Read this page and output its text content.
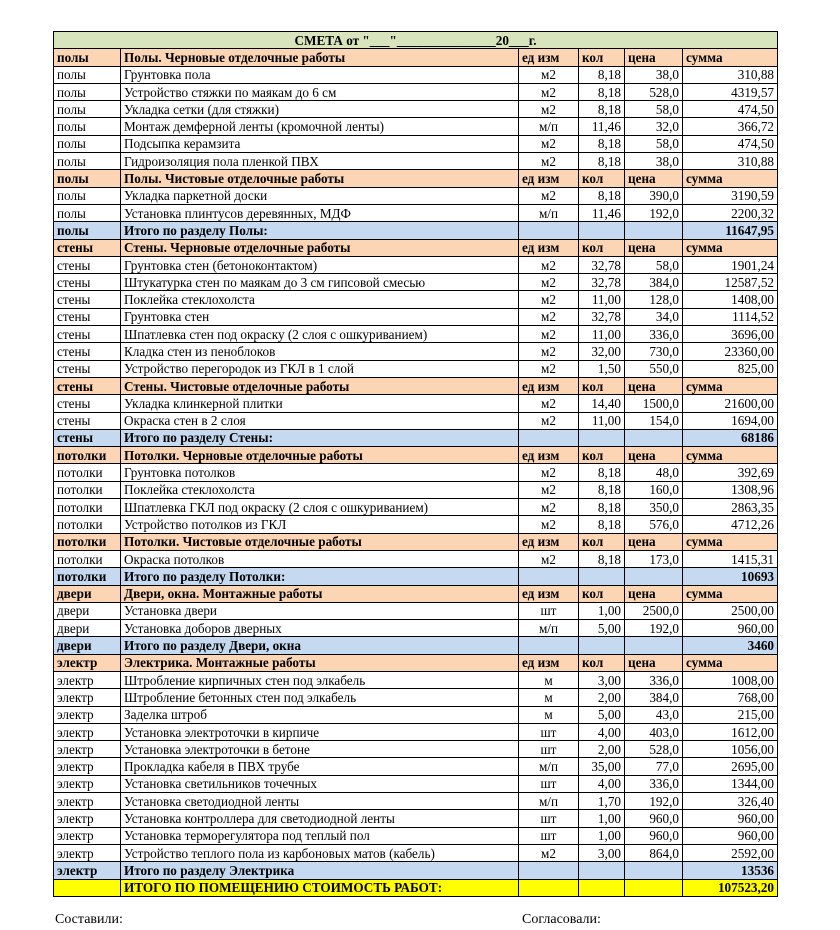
СМЕТА от "___"_______________20___г.					
полы	Полы. Черновые отделочные работы	ед изм	кол	цена	сумма
полы	Грунтовка пола	м2	8,18	38,0	310,88
полы	Устройство стяжки по маякам до 6 см	м2	8,18	528,0	4319,57
полы	Укладка сетки (для стяжки)	м2	8,18	58,0	474,50
полы	Монтаж демферной ленты (кромочной ленты)	м/п	11,46	32,0	366,72
полы	Подсыпка керамзита	м2	8,18	58,0	474,50
полы	Гидроизоляция пола пленкой ПВХ	м2	8,18	38,0	310,88
полы	Полы. Чистовые отделочные работы	ед изм	кол	цена	сумма
полы	Укладка паркетной доски	м2	8,18	390,0	3190,59
полы	Установка плинтусов деревянных, МДФ	м/п	11,46	192,0	2200,32
полы	Итого по разделу Полы:				11647,95
стены	Стены. Черновые отделочные работы	ед изм	кол	цена	сумма
стены	Грунтовка стен (бетоноконтактом)	м2	32,78	58,0	1901,24
стены	Штукатурка стен по маякам до 3 см гипсовой смесью	м2	32,78	384,0	12587,52
стены	Поклейка стеклохолста	м2	11,00	128,0	1408,00
стены	Грунтовка стен	м2	32,78	34,0	1114,52
стены	Шпатлевка стен под окраску (2 слоя с ошкуриванием)	м2	11,00	336,0	3696,00
стены	Кладка стен из пеноблоков	м2	32,00	730,0	23360,00
стены	Устройство перегородок из ГКЛ в 1 слой	м2	1,50	550,0	825,00
стены	Стены. Чистовые отделочные работы	ед изм	кол	цена	сумма
стены	Укладка клинкерной плитки	м2	14,40	1500,0	21600,00
стены	Окраска стен в 2 слоя	м2	11,00	154,0	1694,00
стены	Итого по разделу Стены:				68186
потолки	Потолки. Черновые отделочные работы	ед изм	кол	цена	сумма
потолки	Грунтовка потолков	м2	8,18	48,0	392,69
потолки	Поклейка стеклохолста	м2	8,18	160,0	1308,96
потолки	Шпатлевка ГКЛ под окраску (2 слоя с ошкуриванием)	м2	8,18	350,0	2863,35
потолки	Устройство потолков из ГКЛ	м2	8,18	576,0	4712,26
потолки	Потолки. Чистовые отделочные работы	ед изм	кол	цена	сумма
потолки	Окраска потолков	м2	8,18	173,0	1415,31
потолки	Итого по разделу Потолки:				10693
двери	Двери, окна. Монтажные работы	ед изм	кол	цена	сумма
двери	Установка двери	шт	1,00	2500,0	2500,00
двери	Установка доборов дверных	м/п	5,00	192,0	960,00
двери	Итого по разделу Двери, окна				3460
электр	Электрика. Монтажные работы	ед изм	кол	цена	сумма
электр	Штробление кирпичных стен под элкабель	м	3,00	336,0	1008,00
электр	Штробление бетонных стен под элкабель	м	2,00	384,0	768,00
электр	Заделка штроб	м	5,00	43,0	215,00
электр	Установка электроточки в кирпиче	шт	4,00	403,0	1612,00
электр	Установка электроточки в бетоне	шт	2,00	528,0	1056,00
электр	Прокладка кабеля в ПВХ трубе	м/п	35,00	77,0	2695,00
электр	Установка светильников точечных	шт	4,00	336,0	1344,00
электр	Установка светодиодной ленты	м/п	1,70	192,0	326,40
электр	Установка контроллера для светодиодной ленты	шт	1,00	960,0	960,00
электр	Установка терморегулятора под теплый пол	шт	1,00	960,0	960,00
электр	Устройство теплого пола из карбоновых матов (кабель)	м2	3,00	864,0	2592,00
электр	Итого по разделу Электрика				13536
	ИТОГО ПО ПОМЕЩЕНИЮ СТОИМОСТЬ РАБОТ:				107523,20
Составили:	Согласовали:
